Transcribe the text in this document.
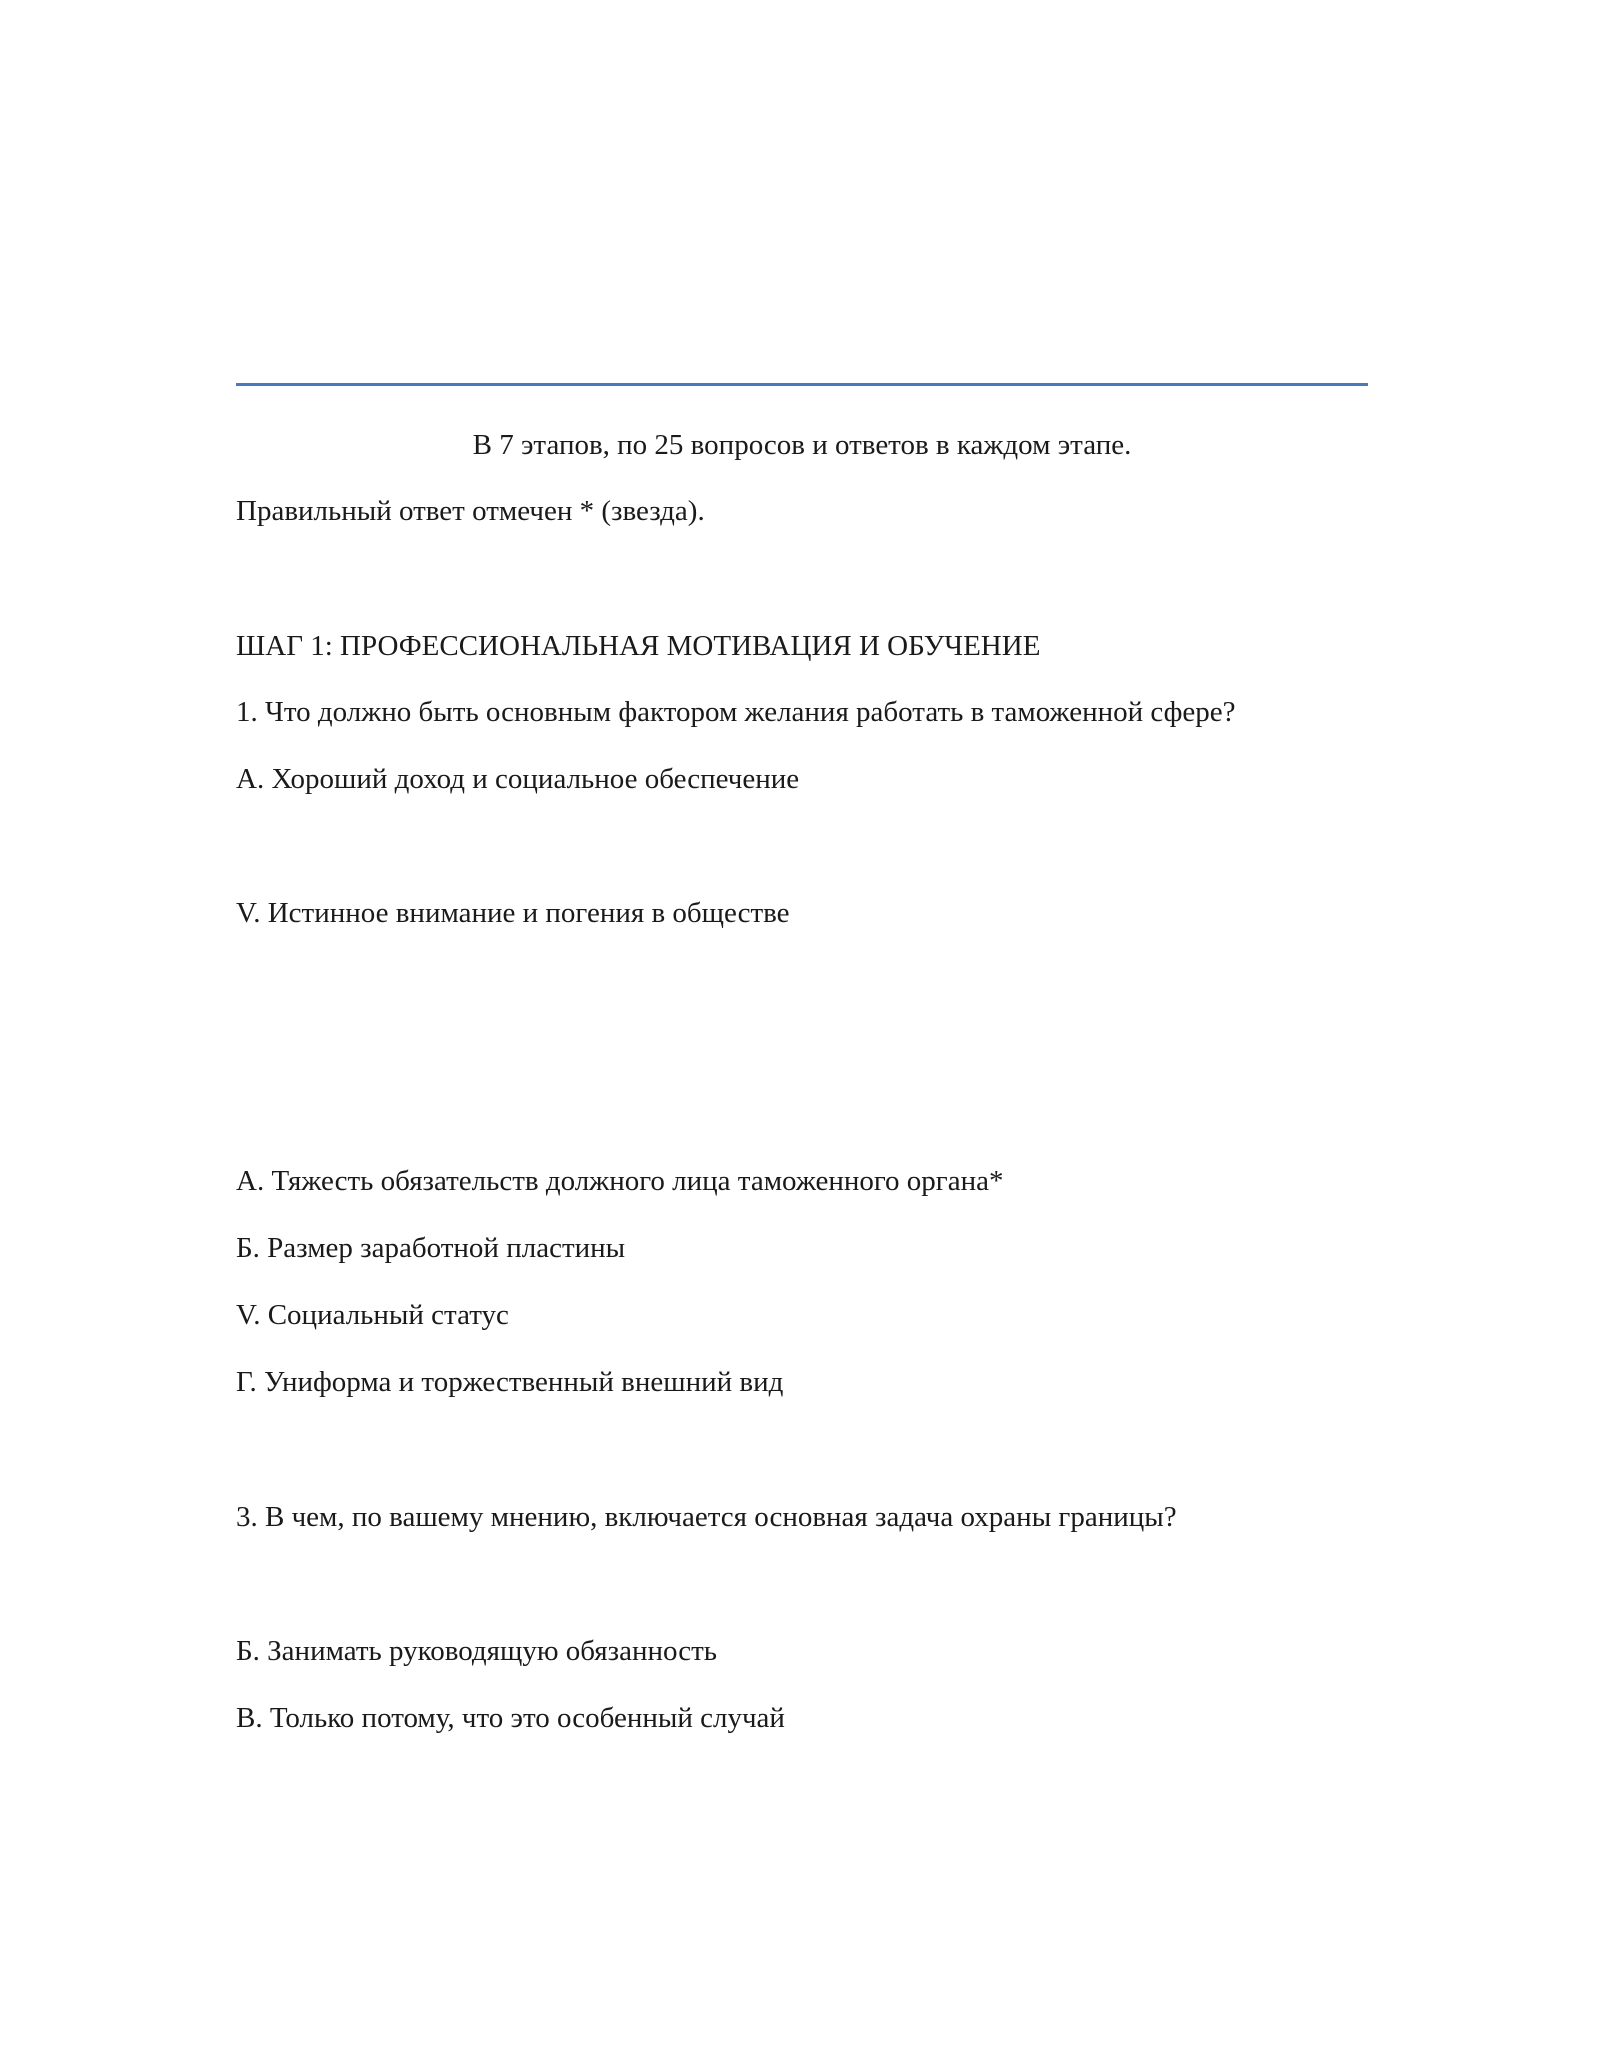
В 7 этапов, по 25 вопросов и ответов в каждом этапе.
Правильный ответ отмечен * (звезда).
ШАГ 1: ПРОФЕССИОНАЛЬНАЯ МОТИВАЦИЯ И ОБУЧЕНИЕ
1. Что должно быть основным фактором желания работать в таможенной сфере?
А. Хороший доход и социальное обеспечение
V. Истинное внимание и погения в обществе
А. Тяжесть обязательств должного лица таможенного органа*
Б. Размер заработной пластины
V. Социальный статус
Г. Униформа и торжественный внешний вид
3. В чем, по вашему мнению, включается основная задача охраны границы?
Б. Занимать руководящую обязанность
В. Только потому, что это особенный случай
